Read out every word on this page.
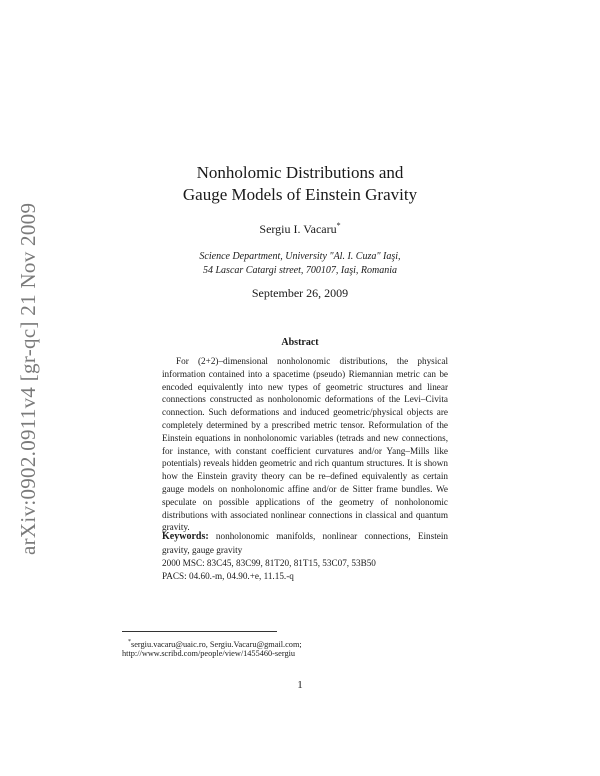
arXiv:0902.0911v4 [gr-qc] 21 Nov 2009
Nonholomic Distributions and
Gauge Models of Einstein Gravity
Sergiu I. Vacaru*
Science Department, University "Al. I. Cuza" Iaşi,
54 Lascar Catargi street, 700107, Iaşi, Romania
September 26, 2009
Abstract
For (2+2)–dimensional nonholonomic distributions, the physical information contained into a spacetime (pseudo) Riemannian metric can be encoded equivalently into new types of geometric structures and linear connections constructed as nonholonomic deformations of the Levi–Civita connection. Such deformations and induced geometric/physical objects are completely determined by a prescribed metric tensor. Reformulation of the Einstein equations in nonholonomic variables (tetrads and new connections, for instance, with constant coefficient curvatures and/or Yang–Mills like potentials) reveals hidden geometric and rich quantum structures. It is shown how the Einstein gravity theory can be re–defined equivalently as certain gauge models on nonholonomic affine and/or de Sitter frame bundles. We speculate on possible applications of the geometry of nonholonomic distributions with associated nonlinear connections in classical and quantum gravity.
Keywords: nonholonomic manifolds, nonlinear connections, Einstein gravity, gauge gravity
2000 MSC: 83C45, 83C99, 81T20, 81T15, 53C07, 53B50
PACS: 04.60.-m, 04.90.+e, 11.15.-q
*sergiu.vacaru@uaic.ro, Sergiu.Vacaru@gmail.com;
http://www.scribd.com/people/view/1455460-sergiu
1
